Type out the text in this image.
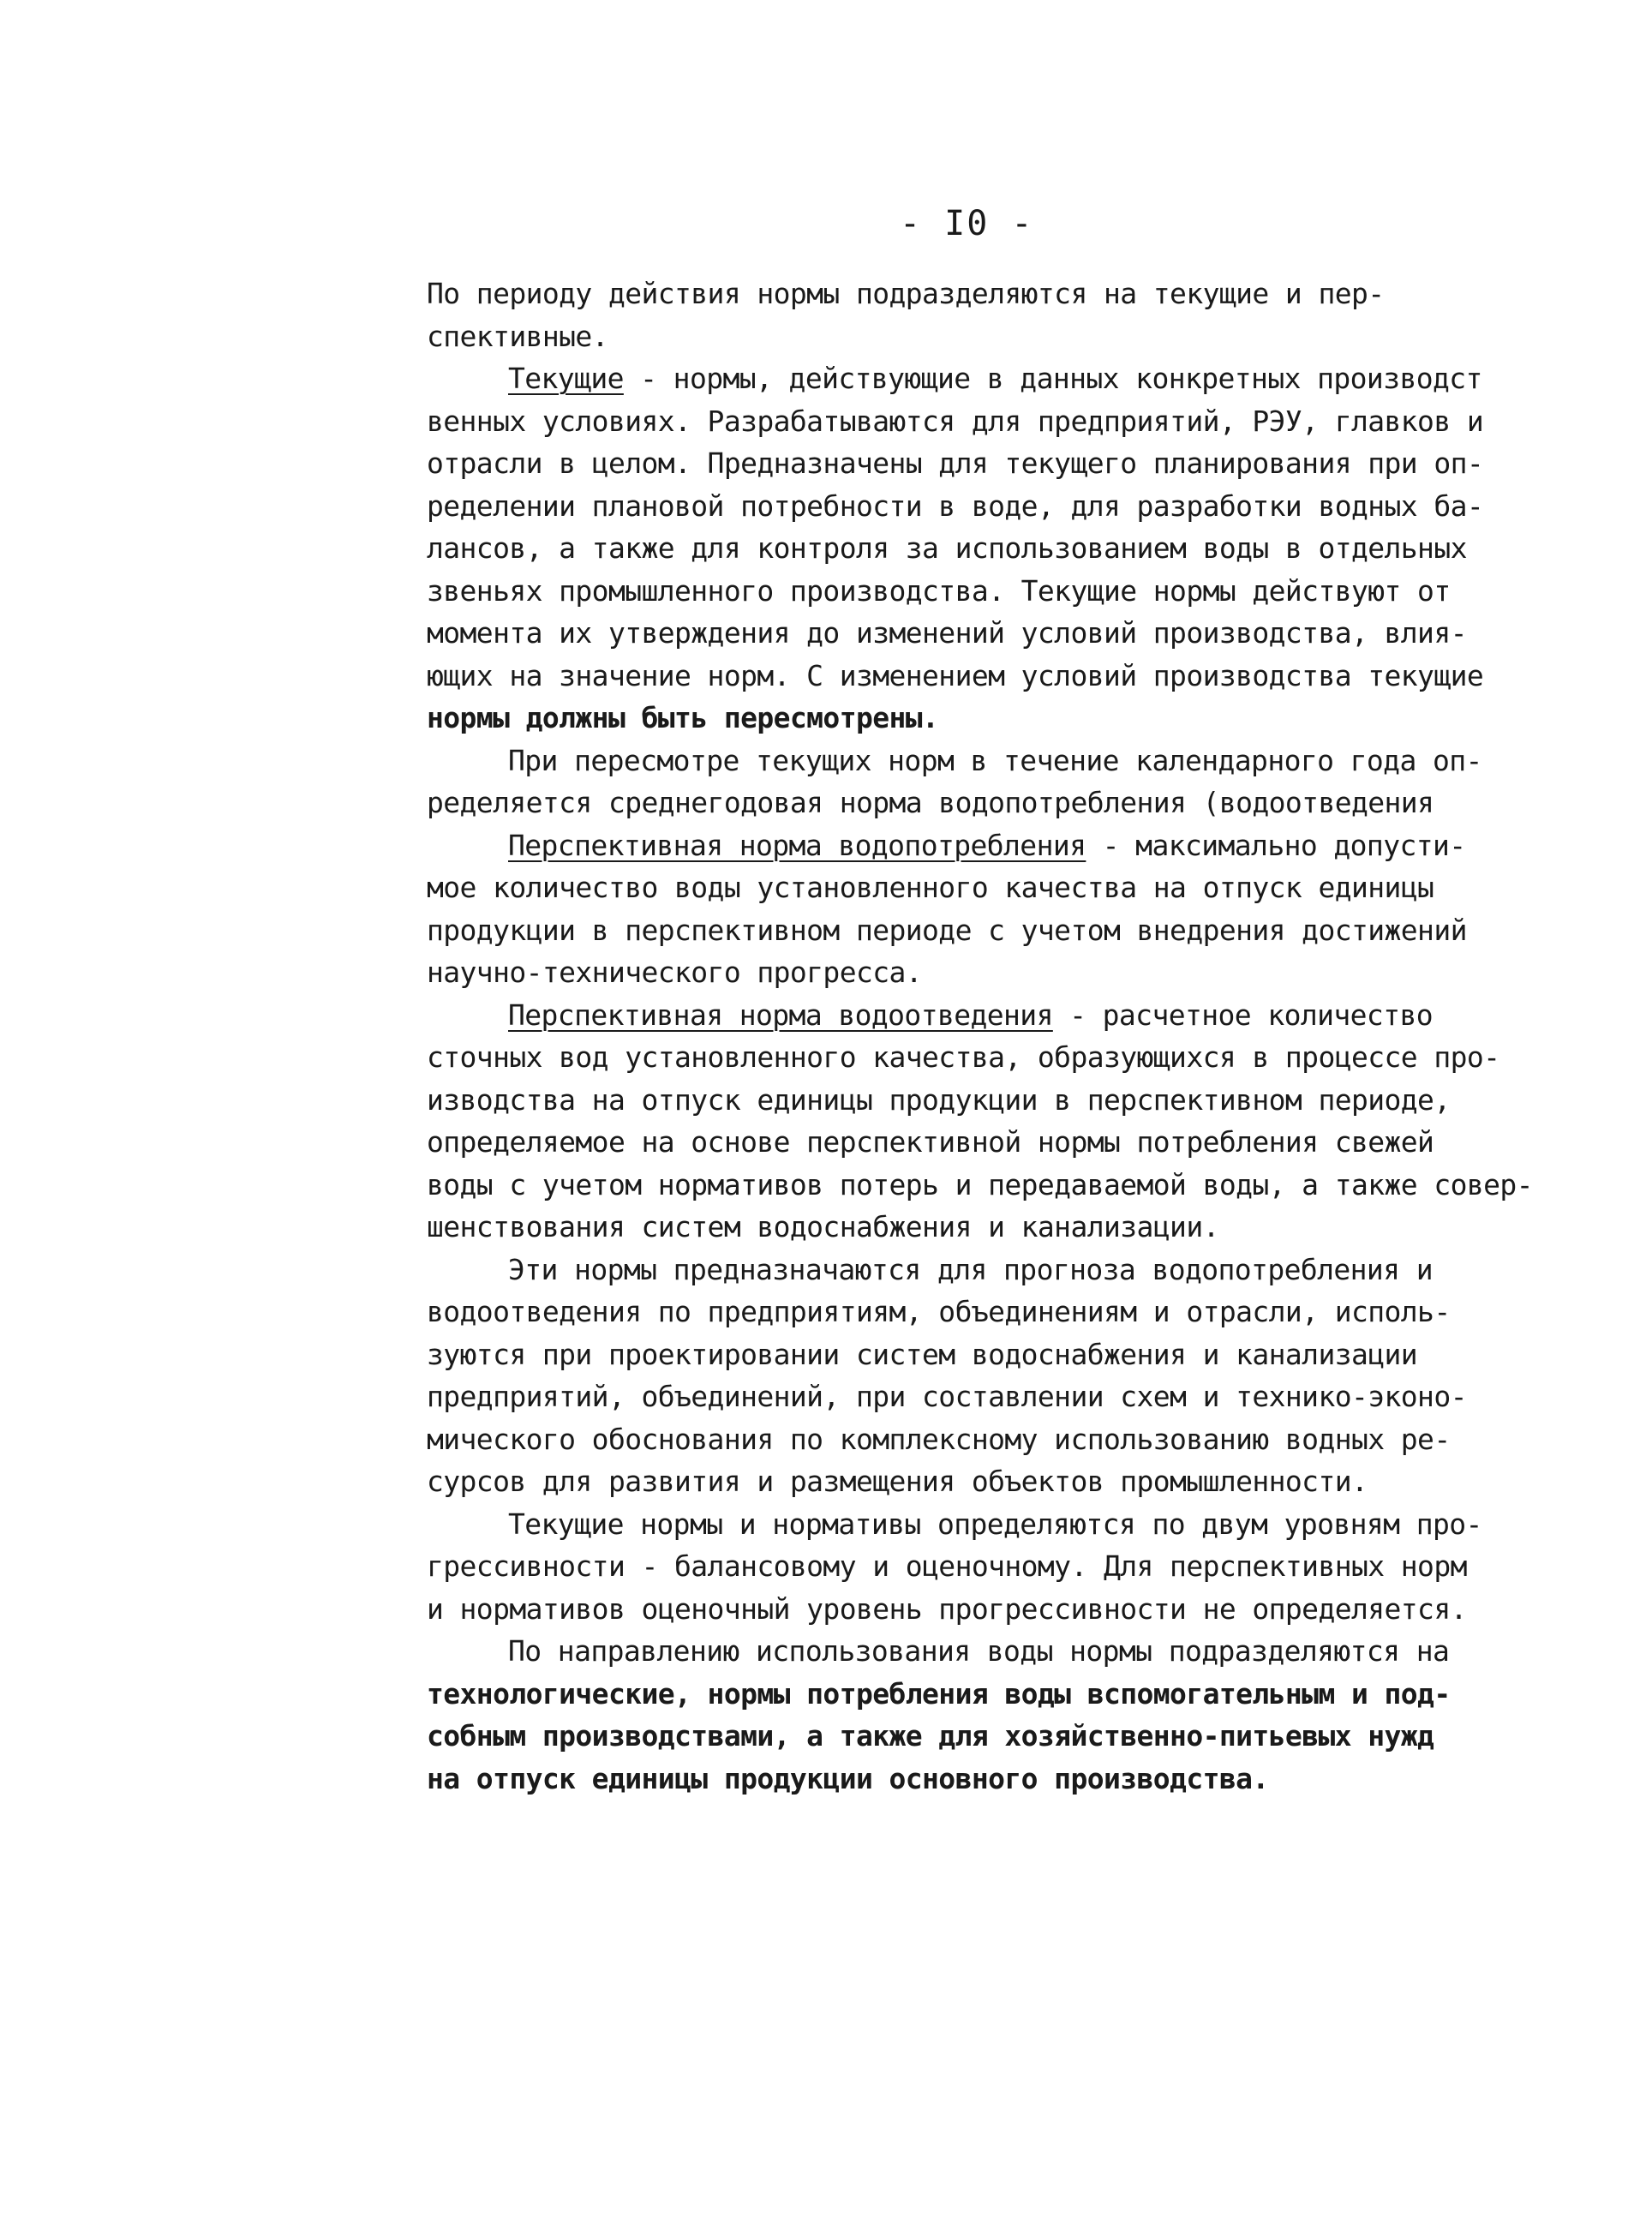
- I0 -
По периоду действия нормы подразделяются на текущие и пер-
спективные.
Текущие - нормы, действующие в данных конкретных производст
венных условиях. Разрабатываются для предприятий, РЭУ, главков и
отрасли в целом. Предназначены для текущего планирования при оп-
ределении плановой потребности в воде, для разработки водных ба-
лансов, а также для контроля за использованием воды в отдельных
звеньях промышленного производства. Текущие нормы действуют от
момента их утверждения до изменений условий производства, влия-
ющих на значение норм. С изменением условий производства текущие
нормы должны быть пересмотрены.
При пересмотре текущих норм в течение календарного года оп-
ределяется среднегодовая норма водопотребления (водоотведения
Перспективная норма водопотребления - максимально допусти-
мое количество воды установленного качества на отпуск единицы
продукции в перспективном периоде с учетом внедрения достижений
научно-технического прогресса.
Перспективная норма водоотведения - расчетное количество
сточных вод установленного качества, образующихся в процессе про-
изводства на отпуск единицы продукции в перспективном периоде,
определяемое на основе перспективной нормы потребления свежей
воды с учетом нормативов потерь и передаваемой воды, а также совер-
шенствования систем водоснабжения и канализации.
Эти нормы предназначаются для прогноза водопотребления и
водоотведения по предприятиям, объединениям и отрасли, исполь-
зуются при проектировании систем водоснабжения и канализации
предприятий, объединений, при составлении схем и технико-эконо-
мического обоснования по комплексному использованию водных ре-
сурсов для развития и размещения объектов промышленности.
Текущие нормы и нормативы определяются по двум уровням про-
грессивности - балансовому и оценочному. Для перспективных норм
и нормативов оценочный уровень прогрессивности не определяется.
По направлению использования воды нормы подразделяются на
технологические, нормы потребления воды вспомогательным и под-
собным производствами, а также для хозяйственно-питьевых нужд
на отпуск единицы продукции основного производства.
